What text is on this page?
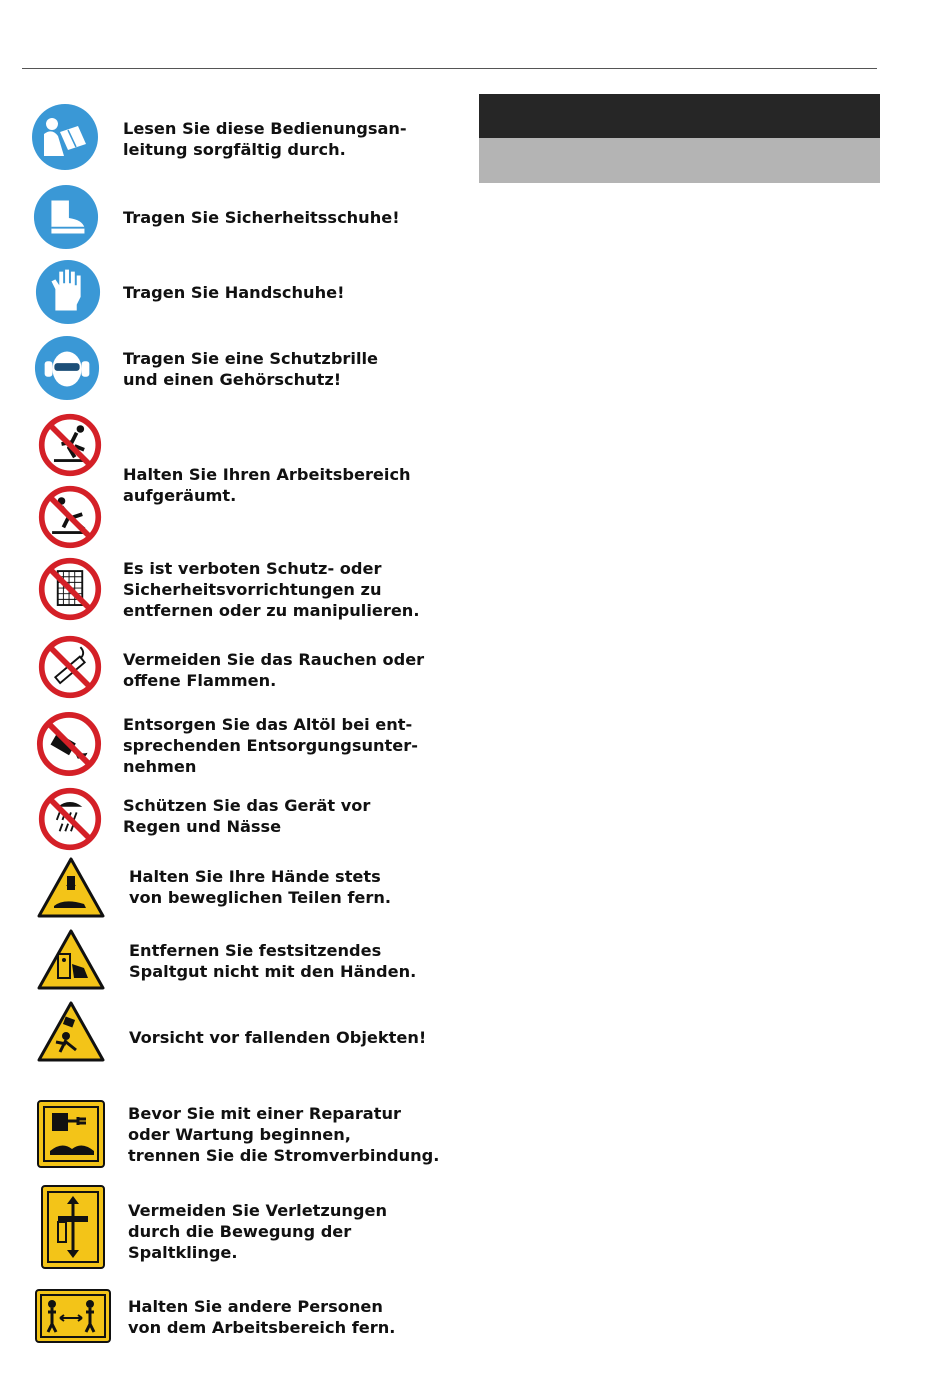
Lesen Sie diese Bedienungsan-
leitung sorgfältig durch.
Tragen Sie Sicherheitsschuhe!
Tragen Sie Handschuhe!
Tragen Sie eine Schutzbrille
und einen Gehörschutz!
Halten Sie Ihren Arbeitsbereich
aufgeräumt.
Es ist verboten Schutz- oder
Sicherheitsvorrichtungen zu
entfernen oder zu manipulieren.
Vermeiden Sie das Rauchen oder
offene Flammen.
Entsorgen Sie das Altöl bei ent-
sprechenden Entsorgungsunter-
nehmen
Schützen Sie das Gerät vor
Regen und Nässe
Halten Sie Ihre Hände stets
von beweglichen Teilen fern.
Entfernen Sie festsitzendes
Spaltgut nicht mit den Händen.
Vorsicht vor fallenden Objekten!
Bevor Sie mit einer Reparatur
oder Wartung beginnen,
trennen Sie die Stromverbindung.
Vermeiden Sie Verletzungen
durch die Bewegung der
Spaltklinge.
Halten Sie andere Personen
von dem Arbeitsbereich fern.
